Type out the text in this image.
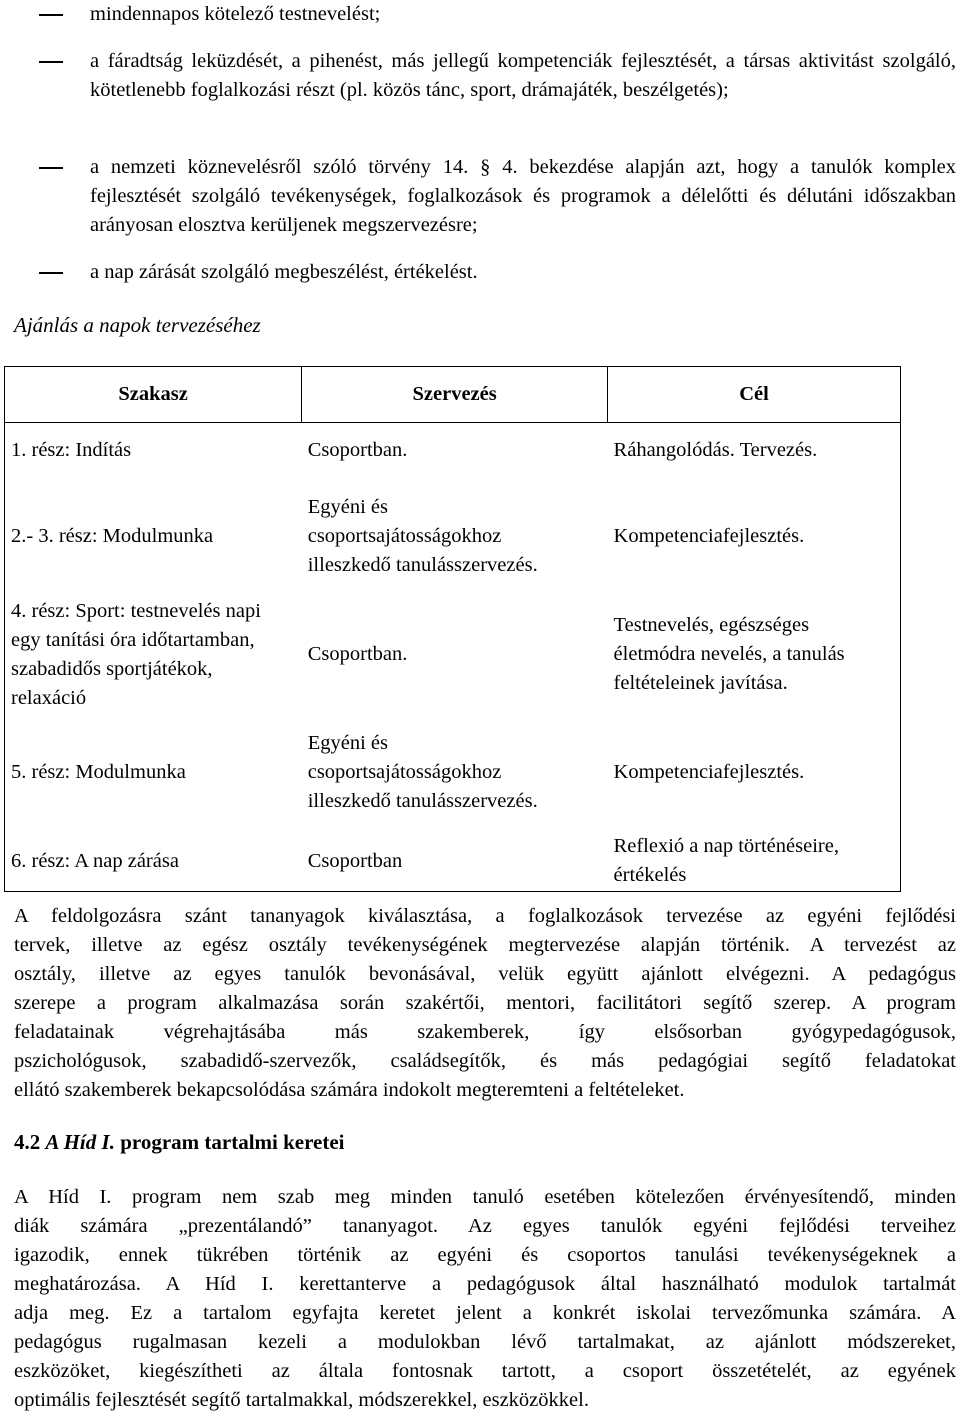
mindennapos kötelező testnevelést;
a fáradtság leküzdését, a pihenést, más jellegű kompetenciák fejlesztését, a társas aktivitást szolgáló, kötetlenebb foglalkozási részt (pl. közös tánc, sport, drámajáték, beszélgetés);
a nemzeti köznevelésről szóló törvény 14. § 4. bekezdése alapján azt, hogy a tanulók komplex fejlesztését szolgáló tevékenységek, foglalkozások és programok a délelőtti és délutáni időszakban arányosan elosztva kerüljenek megszervezésre;
a nap zárását szolgáló megbeszélést, értékelést.
Ajánlás a napok tervezéséhez
Szakasz	Szervezés	Cél
1. rész: Indítás	Csoportban.	Ráhangolódás. Tervezés.
2.- 3. rész: Modulmunka	Egyéni és csoportsajátosságokhoz illeszkedő tanulásszervezés.	Kompetenciafejlesztés.
4. rész: Sport: testnevelés napi egy tanítási óra időtartamban, szabadidős sportjátékok, relaxáció	Csoportban.	Testnevelés, egészséges életmódra nevelés, a tanulás feltételeinek javítása.
5. rész: Modulmunka	Egyéni és csoportsajátosságokhoz illeszkedő tanulásszervezés.	Kompetenciafejlesztés.
6. rész: A nap zárása	Csoportban	Reflexió a nap történéseire, értékelés
A feldolgozásra szánt tananyagok kiválasztása, a foglalkozások tervezése az egyéni fejlődési
tervek, illetve az egész osztály tevékenységének megtervezése alapján történik. A tervezést az
osztály, illetve az egyes tanulók bevonásával, velük együtt ajánlott elvégezni. A pedagógus
szerepe a program alkalmazása során szakértői, mentori, facilitátori segítő szerep. A program
feladatainak végrehajtásába más szakemberek, így elsősorban gyógypedagógusok,
pszichológusok, szabadidő-szervezők, családsegítők, és más pedagógiai segítő feladatokat
ellátó szakemberek bekapcsolódása számára indokolt megteremteni a feltételeket.
4.2 A Híd I. program tartalmi keretei
A Híd I. program nem szab meg minden tanuló esetében kötelezően érvényesítendő, minden
diák számára „prezentálandó” tananyagot. Az egyes tanulók egyéni fejlődési terveihez
igazodik, ennek tükrében történik az egyéni és csoportos tanulási tevékenységeknek a
meghatározása. A Híd I. kerettanterve a pedagógusok által használható modulok tartalmát
adja meg. Ez a tartalom egyfajta keretet jelent a konkrét iskolai tervezőmunka számára. A
pedagógus rugalmasan kezeli a modulokban lévő tartalmakat, az ajánlott módszereket,
eszközöket, kiegészítheti az általa fontosnak tartott, a csoport összetételét, az egyének
optimális fejlesztését segítő tartalmakkal, módszerekkel, eszközökkel.
